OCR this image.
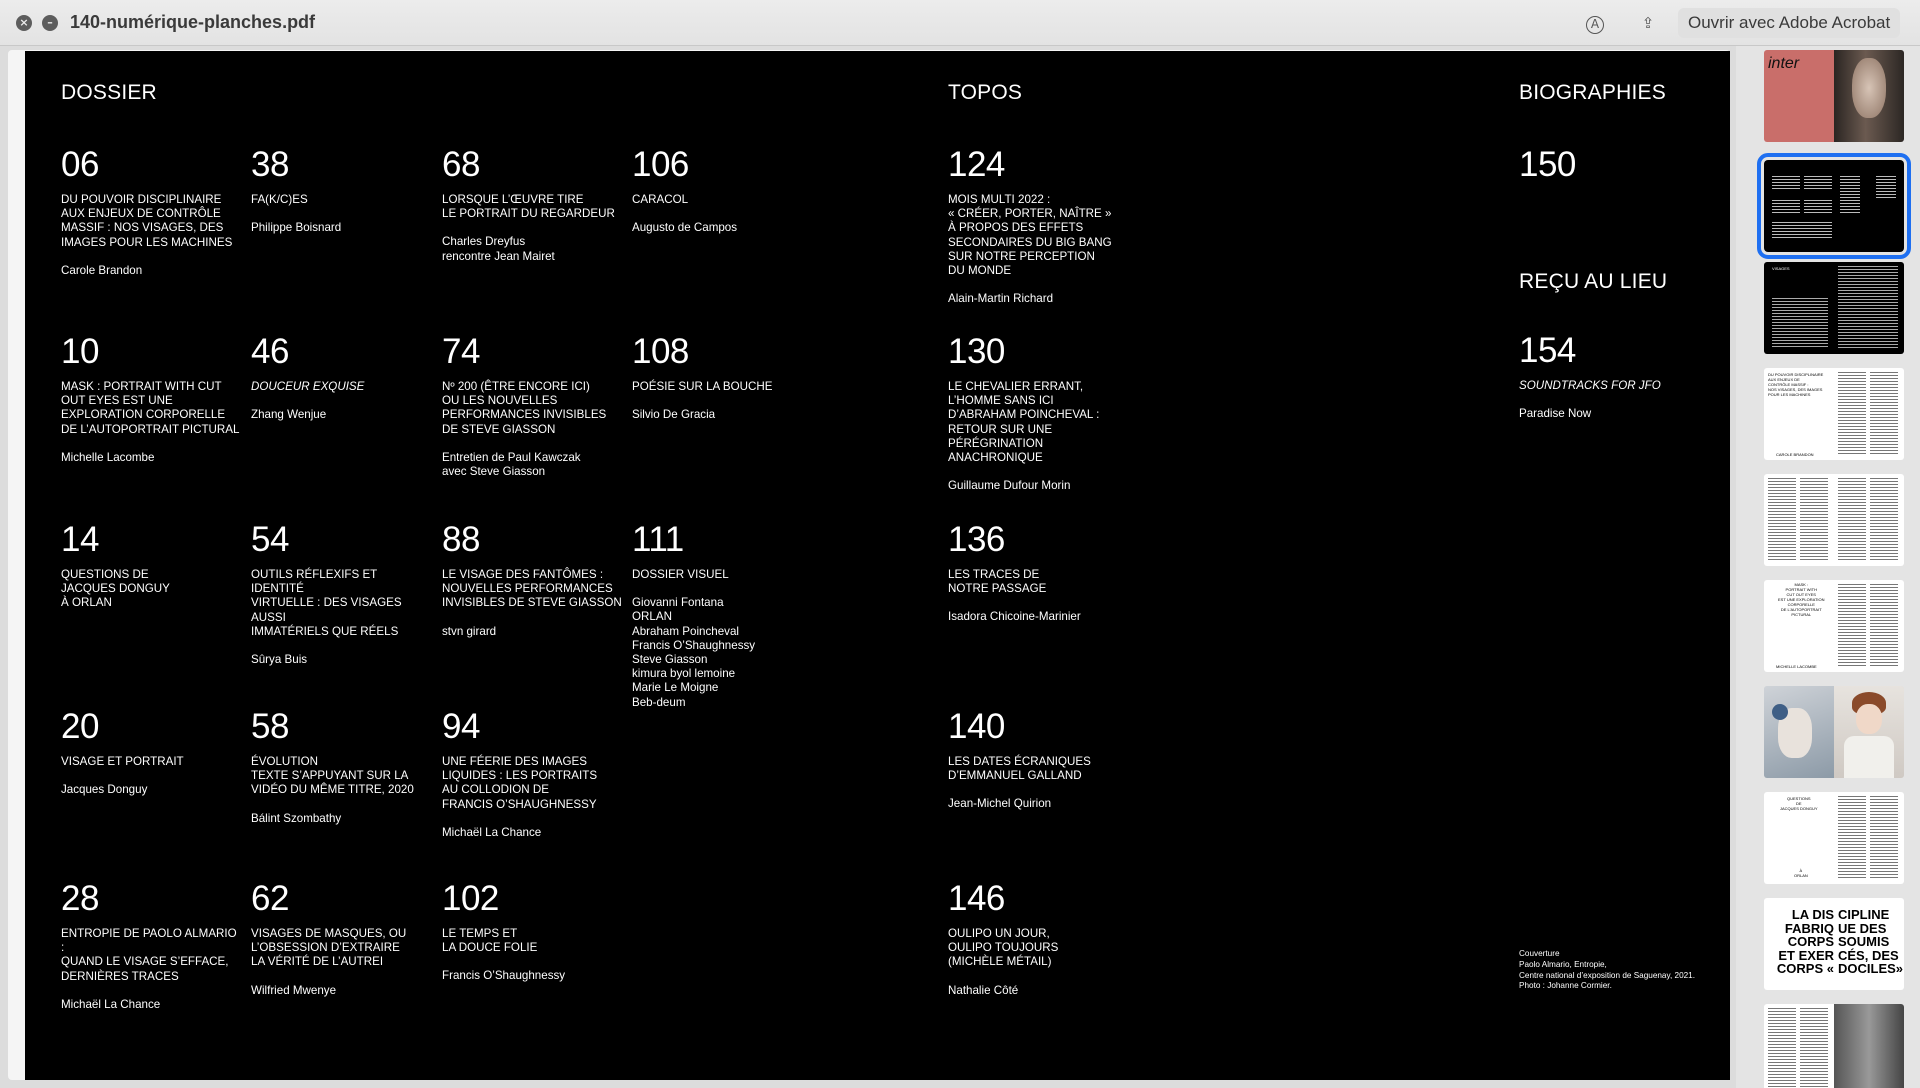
×	– 140-numérique-planches.pdf	A	⇪	Ouvrir avec Adobe Acrobat
DOSSIER	TOPOS	BIOGRAPHIES
REÇU AU LIEU
06
DU POUVOIR DISCIPLINAIRE
AUX ENJEUX DE CONTRÔLE
MASSIF : NOS VISAGES, DES
IMAGES POUR LES MACHINES
Carole Brandon
38
FA(K/C)ES
Philippe Boisnard
68
LORSQUE L’ŒUVRE TIRE
LE PORTRAIT DU REGARDEUR
Charles Dreyfus
rencontre Jean Mairet
106
CARACOL
Augusto de Campos
10
MASK : PORTRAIT WITH CUT
OUT EYES EST UNE
EXPLORATION CORPORELLE
DE L’AUTOPORTRAIT PICTURAL
Michelle Lacombe
46
DOUCEUR EXQUISE
Zhang Wenjue
74
Nº 200 (ÊTRE ENCORE ICI)
OU LES NOUVELLES
PERFORMANCES INVISIBLES
DE STEVE GIASSON
Entretien de Paul Kawczak
avec Steve Giasson
108
POÉSIE SUR LA BOUCHE
Silvio De Gracia
14
QUESTIONS DE
JACQUES DONGUY
À ORLAN
54
OUTILS RÉFLEXIFS ET IDENTITÉ
VIRTUELLE : DES VISAGES AUSSI
IMMATÉRIELS QUE RÉELS
Sûrya Buis
88
LE VISAGE DES FANTÔMES :
NOUVELLES PERFORMANCES
INVISIBLES DE STEVE GIASSON
stvn girard
111
DOSSIER VISUEL
Giovanni Fontana
ORLAN
Abraham Poincheval
Francis O’Shaughnessy
Steve Giasson
kimura byol lemoine
Marie Le Moigne
Beb-deum
20
VISAGE ET PORTRAIT
Jacques Donguy
58
ÉVOLUTION
TEXTE S’APPUYANT SUR LA
VIDÉO DU MÊME TITRE, 2020
Bálint Szombathy
94
UNE FÉERIE DES IMAGES
LIQUIDES : LES PORTRAITS
AU COLLODION DE
FRANCIS O’SHAUGHNESSY
Michaël La Chance
28
ENTROPIE DE PAOLO ALMARIO :
QUAND LE VISAGE S’EFFACE,
DERNIÈRES TRACES
Michaël La Chance
62
VISAGES DE MASQUES, OU
L’OBSESSION D’EXTRAIRE
LA VÉRITÉ DE L’AUTREI
Wilfried Mwenye
102
LE TEMPS ET
LA DOUCE FOLIE
Francis O’Shaughnessy
124
MOIS MULTI 2022 :
« CRÉER, PORTER, NAÎTRE »
À PROPOS DES EFFETS
SECONDAIRES DU BIG BANG
SUR NOTRE PERCEPTION
DU MONDE
Alain-Martin Richard
130
LE CHEVALIER ERRANT,
L’HOMME SANS ICI
D’ABRAHAM POINCHEVAL :
RETOUR SUR UNE
PÉRÉGRINATION
ANACHRONIQUE
Guillaume Dufour Morin
136
LES TRACES DE
NOTRE PASSAGE
Isadora Chicoine-Marinier
140
LES DATES ÉCRANIQUES
D’EMMANUEL GALLAND
Jean-Michel Quirion
146
OULIPO UN JOUR,
OULIPO TOUJOURS
(MICHÈLE MÉTAIL)
Nathalie Côté
150
154
SOUNDTRACKS FOR JFO
Paradise Now
Couverture
Paolo Almario, Entropie,
Centre national d’exposition de Saguenay, 2021.
Photo : Johanne Cormier.
inter
VISAGES
DU POUVOIR DISCIPLINAIRE
AUX ENJEUX DE
CONTRÔLE MASSIF :
NOS VISAGES, DES IMAGES
POUR LES MACHINES
CAROLE BRANDON
MASK :
PORTRAIT WITH
CUT OUT EYES
EST UNE EXPLORATION
CORPORELLE
DE L’AUTOPORTRAIT
PICTURAL
MICHELLE LACOMBE
QUESTIONS
DE
JACQUES DONGUY
À
ORLAN
LA DIS
FABRIQ
CORPS
ET EXER
CORPS «
CIPLINE
UE DES
SOUMIS
CÉS, DES
DOCILES»
